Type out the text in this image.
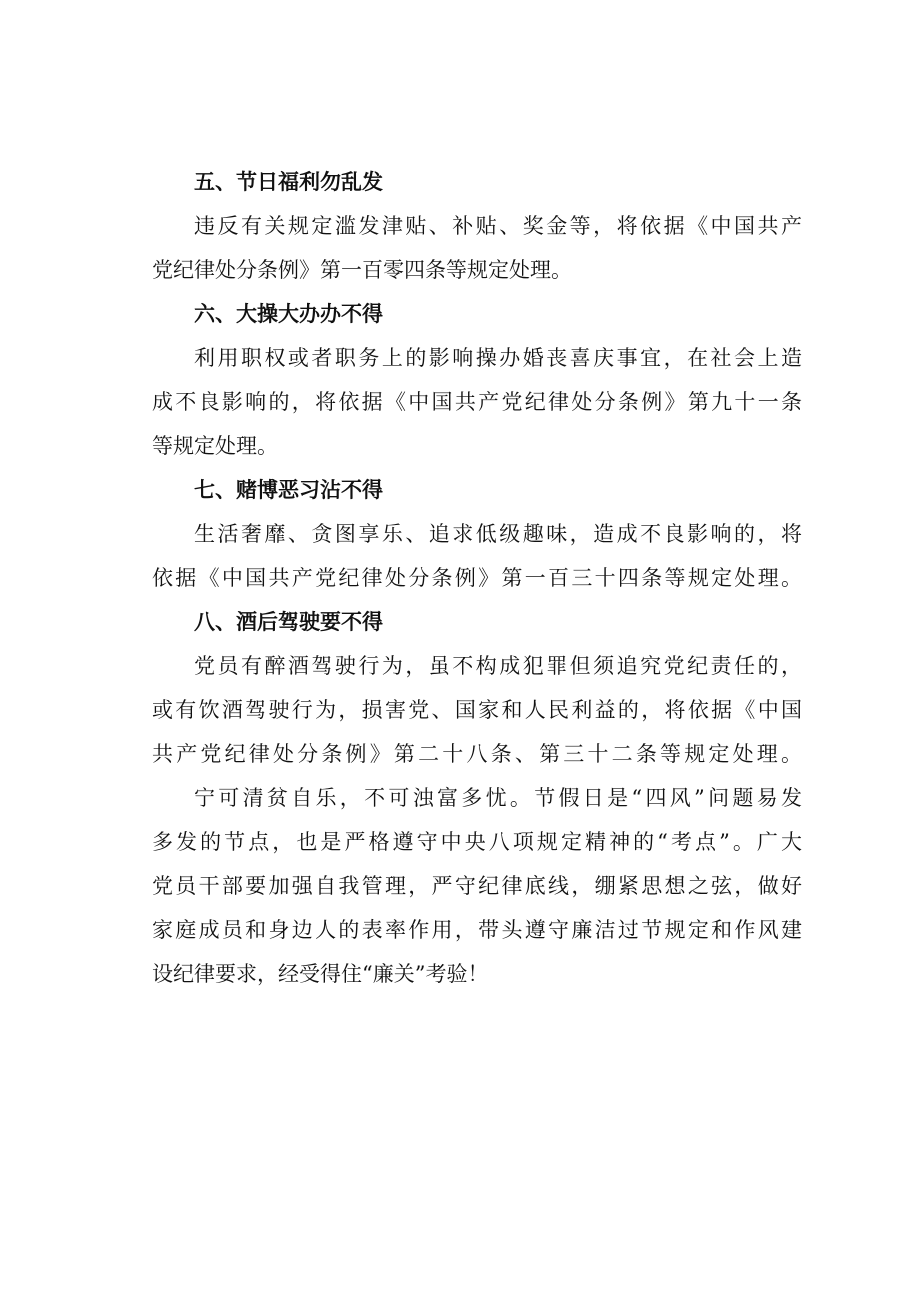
五、节日福利勿乱发

违反有关规定滥发津贴、补贴、奖金等，将依据《中国共产

党纪律处分条例》第一百零四条等规定处理。

六、大操大办办不得

利用职权或者职务上的影响操办婚丧喜庆事宜，在社会上造

成不良影响的，将依据《中国共产党纪律处分条例》第九十一条

等规定处理。

七、赌博恶习沾不得

生活奢靡、贪图享乐、追求低级趣味，造成不良影响的，将

依据《中国共产党纪律处分条例》第一百三十四条等规定处理。

八、酒后驾驶要不得

党员有醉酒驾驶行为，虽不构成犯罪但须追究党纪责任的，

或有饮酒驾驶行为，损害党、国家和人民利益的，将依据《中国

共产党纪律处分条例》第二十八条、第三十二条等规定处理。

宁可清贫自乐，不可浊富多忧。节假日是“四风”问题易发

多发的节点，也是严格遵守中央八项规定精神的“考点”。广大

党员干部要加强自我管理，严守纪律底线，绷紧思想之弦，做好

家庭成员和身边人的表率作用，带头遵守廉洁过节规定和作风建

设纪律要求，经受得住“廉关”考验！
